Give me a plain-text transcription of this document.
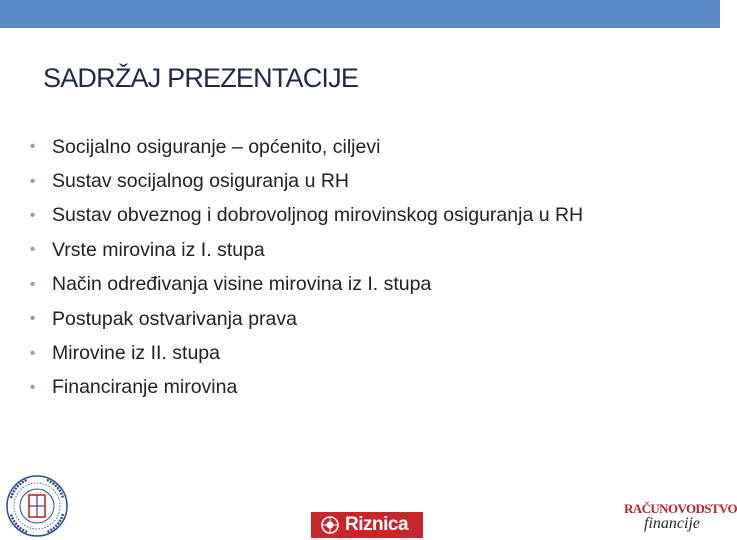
SADRŽAJ PREZENTACIJE
• Socijalno osiguranje – općenito, ciljevi
• Sustav socijalnog osiguranja u RH
• Sustav obveznog i dobrovoljnog mirovinskog osiguranja u RH
• Vrste mirovina iz I. stupa
• Način određivanja visine mirovina iz I. stupa
• Postupak ostvarivanja prava
• Mirovine iz II. stupa
• Financiranje mirovina
Riznica
RAČUNOVODSTVO
financije
